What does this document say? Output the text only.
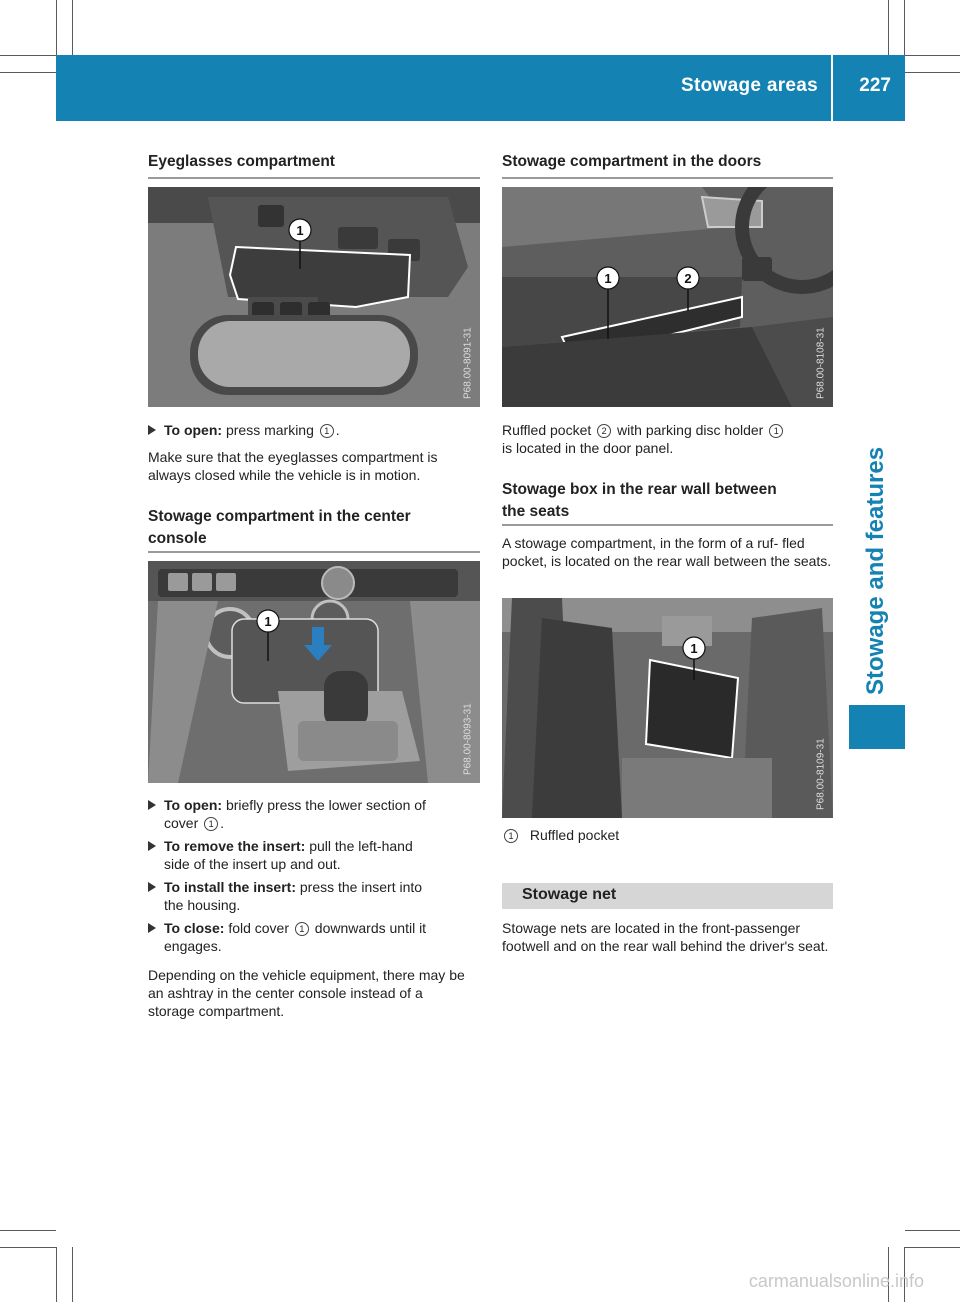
Stowage areas 227
Stowage and features
Eyeglasses compartment
1
P68.00-8091-31
To open: press marking 1 .
Make sure that the eyeglasses compartment is always closed while the vehicle is in motion.
Stowage compartment in the center
console
1
P68.00-8093-31
To open: briefly press the lower section of
cover 1 .
To remove the insert: pull the left-hand
side of the insert up and out.
To install the insert: press the insert into
the housing.
To close: fold cover 1 downwards until it
engages.
Depending on the vehicle equipment, there may be an ashtray in the center console instead of a storage compartment.
Stowage compartment in the doors
1	2
P68.00-8108-31
Ruffled pocket 2 with parking disc holder 1
is located in the door panel.
Stowage box in the rear wall between
the seats
A stowage compartment, in the form of a ruf- fled pocket, is located on the rear wall between the seats.
1
P68.00-8109-31
1 Ruffled pocket
Stowage net
Stowage nets are located in the front-passenger footwell and on the rear wall behind the driver's seat.
carmanualsonline.info
